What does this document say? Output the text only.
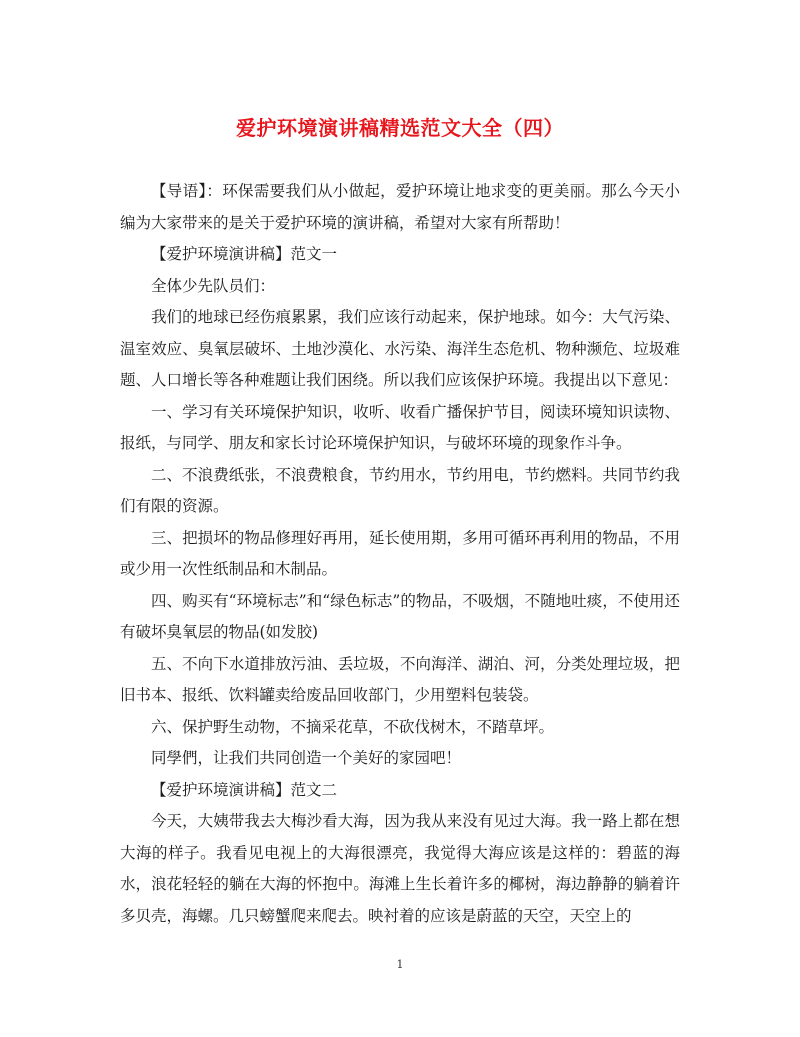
爱护环境演讲稿精选范文大全（四）

【导语】：环保需要我们从小做起，爱护环境让地求变的更美丽。那么今天小编为大家带来的是关于爱护环境的演讲稿，希望对大家有所帮助！

【爱护环境演讲稿】范文一

全体少先队员们：

我们的地球已经伤痕累累，我们应该行动起来，保护地球。如今：大气污染、温室效应、臭氧层破坏、土地沙漠化、水污染、海洋生态危机、物种濒危、垃圾难题、人口增长等各种难题让我们困绕。所以我们应该保护环境。我提出以下意见：

一、学习有关环境保护知识，收听、收看广播保护节目，阅读环境知识读物、报纸，与同学、朋友和家长讨论环境保护知识，与破坏环境的现象作斗争。

二、不浪费纸张，不浪费粮食，节约用水，节约用电，节约燃料。共同节约我们有限的资源。

三、把损坏的物品修理好再用，延长使用期，多用可循环再利用的物品，不用或少用一次性纸制品和木制品。

四、购买有“环境标志”和“绿色标志”的物品，不吸烟，不随地吐痰，不使用还有破坏臭氧层的物品(如发胶)

五、不向下水道排放污油、丢垃圾，不向海洋、湖泊、河，分类处理垃圾，把旧书本、报纸、饮料罐卖给废品回收部门，少用塑料包装袋。

六、保护野生动物，不摘采花草，不砍伐树木，不踏草坪。

同學們，让我们共同创造一个美好的家园吧！

【爱护环境演讲稿】范文二

今天，大姨带我去大梅沙看大海，因为我从来没有见过大海。我一路上都在想大海的样子。我看见电视上的大海很漂亮，我觉得大海应该是这样的：碧蓝的海水，浪花轻轻的躺在大海的怀抱中。海滩上生长着许多的椰树，海边静静的躺着许多贝壳，海螺。几只螃蟹爬来爬去。映衬着的应该是蔚蓝的天空，天空上的

1
